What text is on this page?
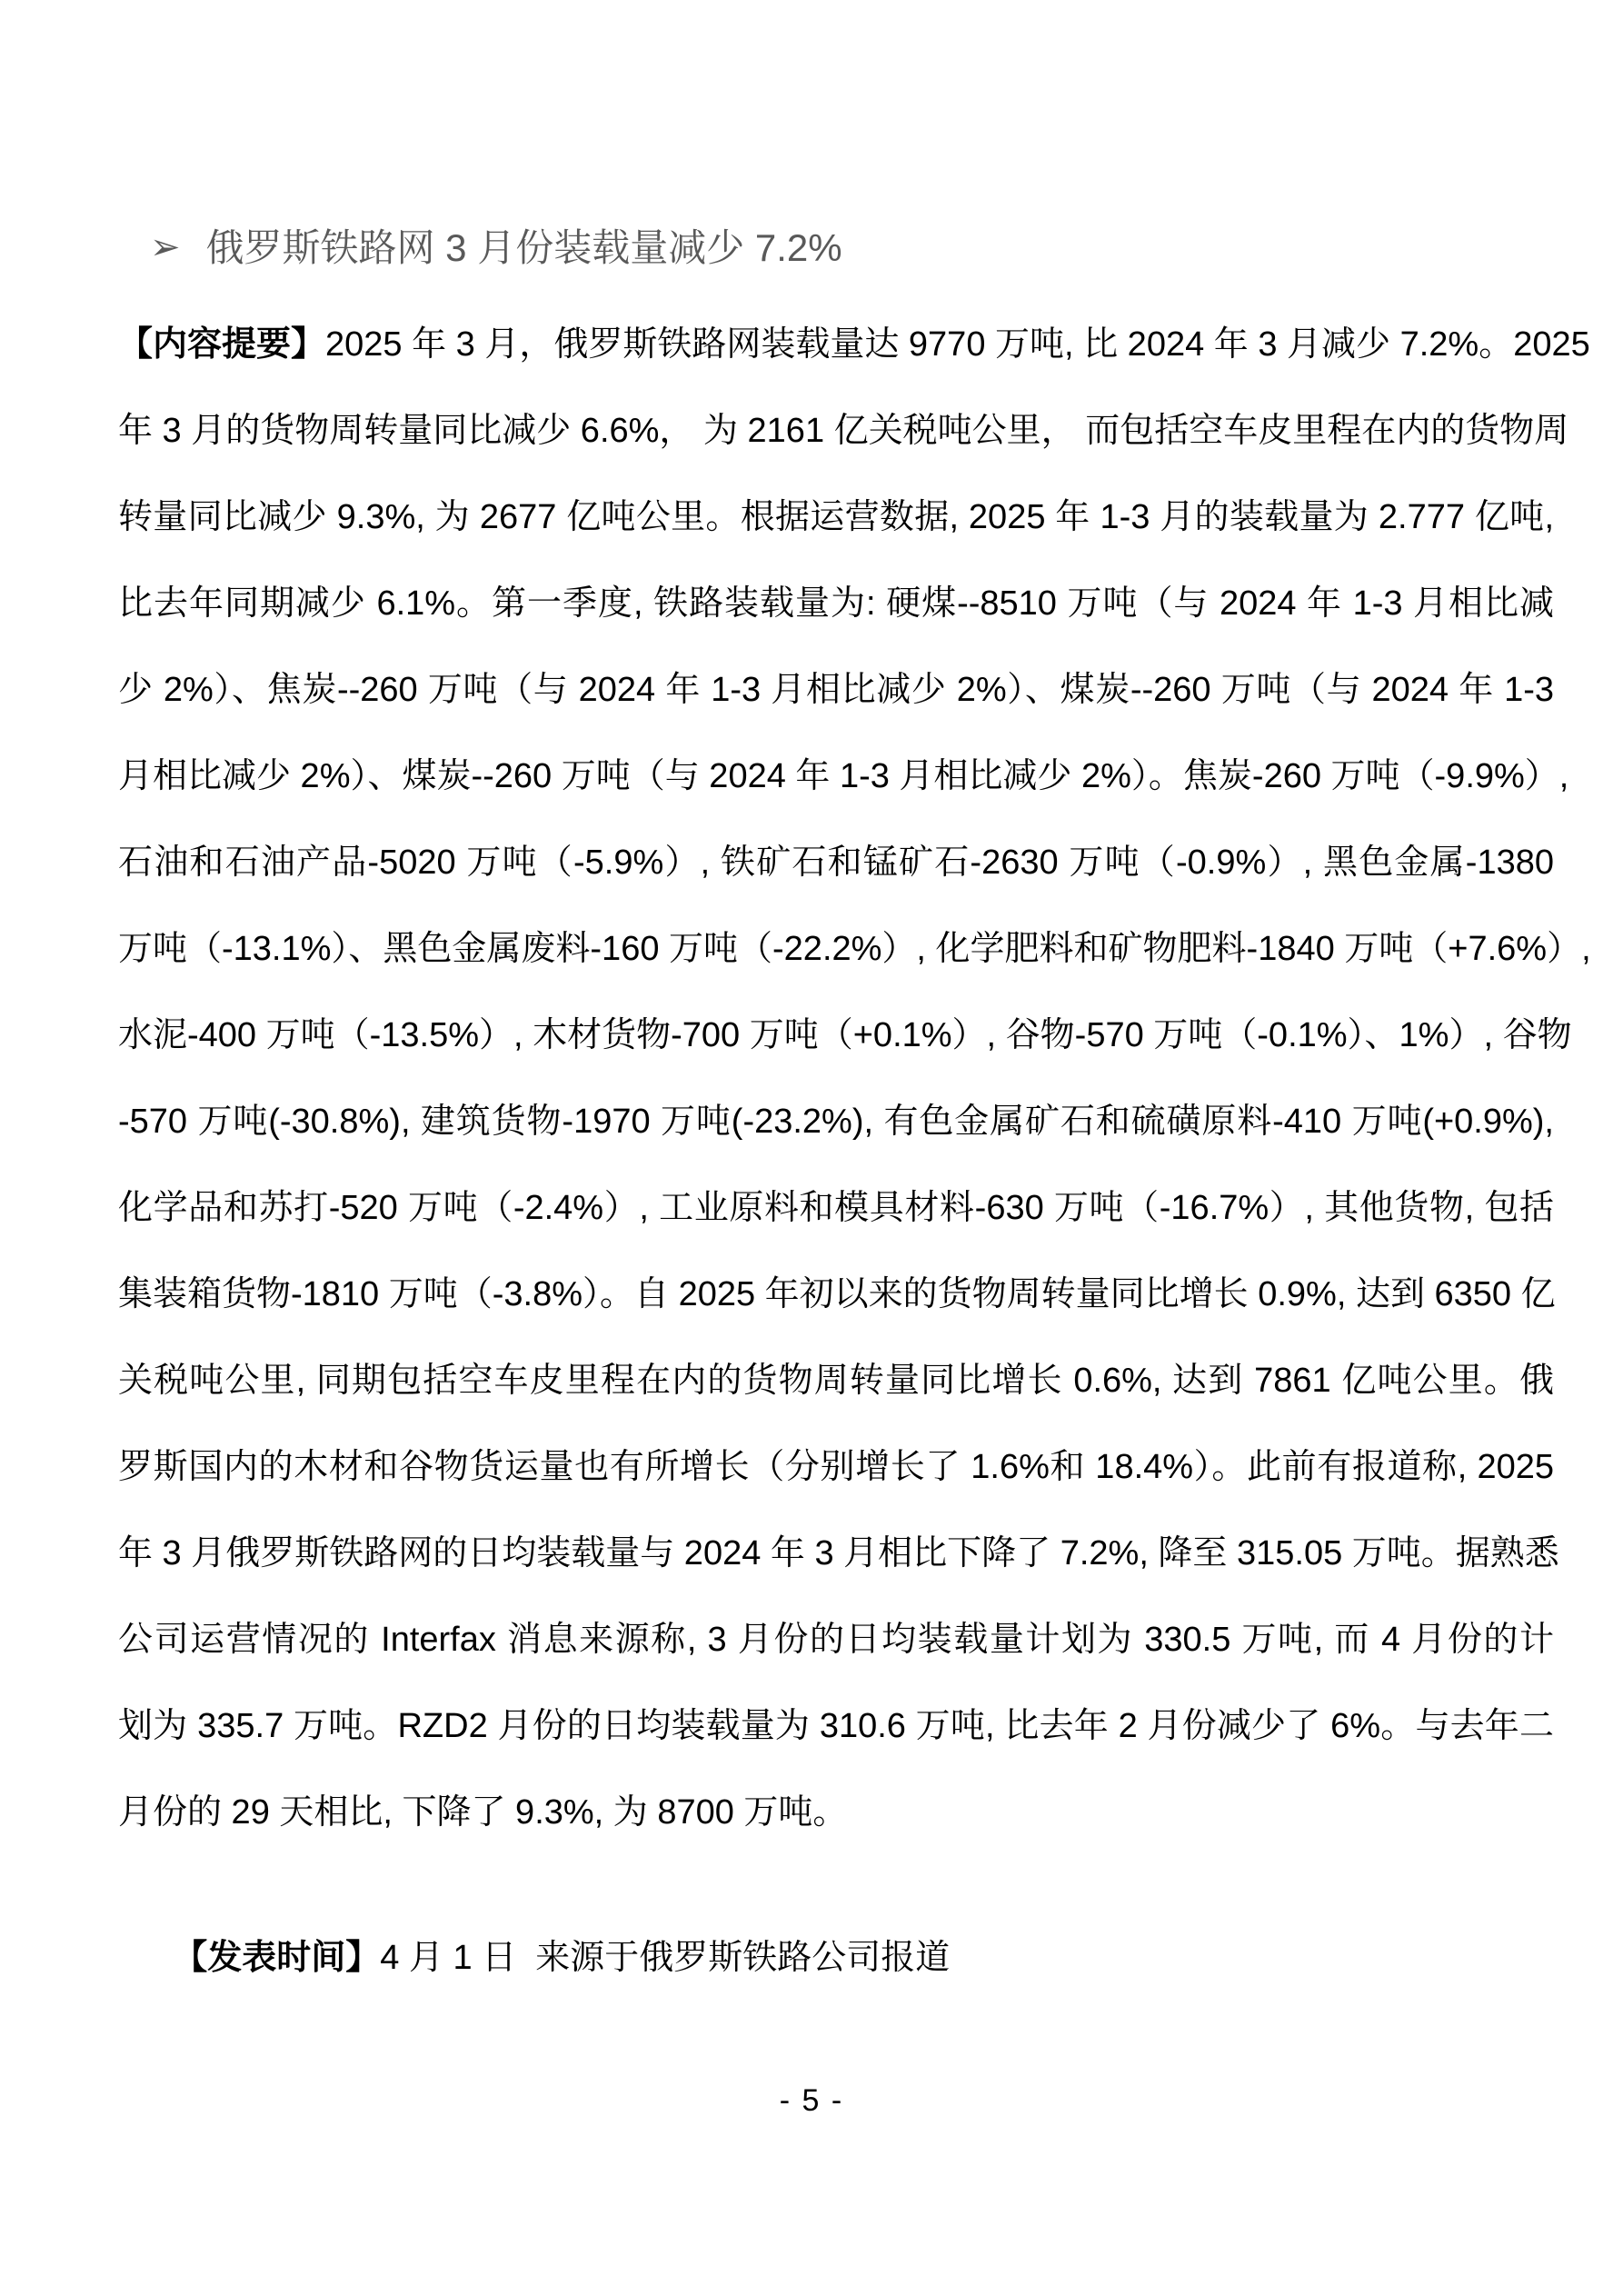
➢ 俄罗斯铁路网 3 月份装载量减少 7.2%
【内容提要】2025 年 3 月，俄罗斯铁路网装载量达 9770 万吨, 比 2024 年 3 月减少 7.2%。2025
年 3 月的货物周转量同比减少 6.6%， 为 2161 亿关税吨公里， 而包括空车皮里程在内的货物周
转量同比减少 9.3%, 为 2677 亿吨公里。根据运营数据, 2025 年 1-3 月的装载量为 2.777 亿吨,
比去年同期减少 6.1%。第一季度, 铁路装载量为: 硬煤--8510 万吨（与 2024 年 1-3 月相比减
少 2%）、焦炭--260 万吨（与 2024 年 1-3 月相比减少 2%）、煤炭--260 万吨（与 2024 年 1-3
月相比减少 2%）、煤炭--260 万吨（与 2024 年 1-3 月相比减少 2%）。焦炭-260 万吨（-9.9%）,
石油和石油产品-5020 万吨（-5.9%）, 铁矿石和锰矿石-2630 万吨（-0.9%）, 黑色金属-1380
万吨（-13.1%）、黑色金属废料-160 万吨（-22.2%）, 化学肥料和矿物肥料-1840 万吨（+7.6%）,
水泥-400 万吨（-13.5%）, 木材货物-700 万吨（+0.1%）, 谷物-570 万吨（-0.1%）、1%）, 谷物
-570 万吨(-30.8%), 建筑货物-1970 万吨(-23.2%), 有色金属矿石和硫磺原料-410 万吨(+0.9%),
化学品和苏打-520 万吨（-2.4%）, 工业原料和模具材料-630 万吨（-16.7%）, 其他货物, 包括
集装箱货物-1810 万吨（-3.8%）。自 2025 年初以来的货物周转量同比增长 0.9%, 达到 6350 亿
关税吨公里, 同期包括空车皮里程在内的货物周转量同比增长 0.6%, 达到 7861 亿吨公里。俄
罗斯国内的木材和谷物货运量也有所增长（分别增长了 1.6%和 18.4%）。此前有报道称, 2025
年 3 月俄罗斯铁路网的日均装载量与 2024 年 3 月相比下降了 7.2%, 降至 315.05 万吨。据熟悉
公司运营情况的 Interfax 消息来源称, 3 月份的日均装载量计划为 330.5 万吨, 而 4 月份的计
划为 335.7 万吨。RZD2 月份的日均装载量为 310.6 万吨, 比去年 2 月份减少了 6%。与去年二
月份的 29 天相比, 下降了 9.3%, 为 8700 万吨。

【发表时间】4 月 1 日  来源于俄罗斯铁路公司报道

- 5 -
